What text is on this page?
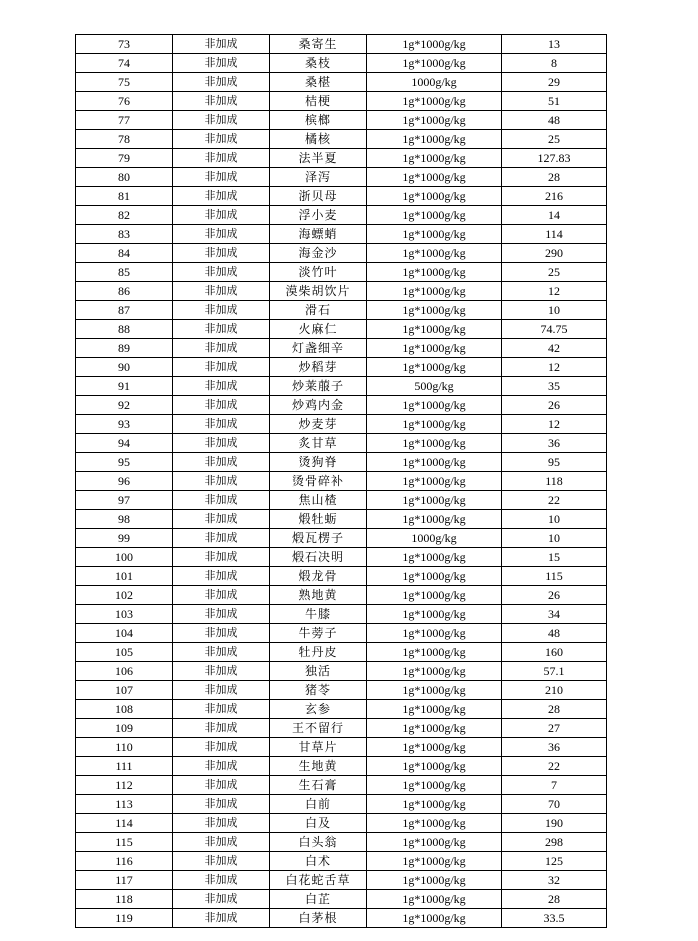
73	非加成	桑寄生	1g*1000g/kg	13
74	非加成	桑枝	1g*1000g/kg	8
75	非加成	桑椹	1000g/kg	29
76	非加成	桔梗	1g*1000g/kg	51
77	非加成	槟榔	1g*1000g/kg	48
78	非加成	橘核	1g*1000g/kg	25
79	非加成	法半夏	1g*1000g/kg	127.83
80	非加成	泽泻	1g*1000g/kg	28
81	非加成	浙贝母	1g*1000g/kg	216
82	非加成	浮小麦	1g*1000g/kg	14
83	非加成	海螵蛸	1g*1000g/kg	114
84	非加成	海金沙	1g*1000g/kg	290
85	非加成	淡竹叶	1g*1000g/kg	25
86	非加成	漠柴胡饮片	1g*1000g/kg	12
87	非加成	滑石	1g*1000g/kg	10
88	非加成	火麻仁	1g*1000g/kg	74.75
89	非加成	灯盏细辛	1g*1000g/kg	42
90	非加成	炒稻芽	1g*1000g/kg	12
91	非加成	炒莱菔子	500g/kg	35
92	非加成	炒鸡内金	1g*1000g/kg	26
93	非加成	炒麦芽	1g*1000g/kg	12
94	非加成	炙甘草	1g*1000g/kg	36
95	非加成	烫狗脊	1g*1000g/kg	95
96	非加成	烫骨碎补	1g*1000g/kg	118
97	非加成	焦山楂	1g*1000g/kg	22
98	非加成	煅牡蛎	1g*1000g/kg	10
99	非加成	煅瓦楞子	1000g/kg	10
100	非加成	煅石决明	1g*1000g/kg	15
101	非加成	煅龙骨	1g*1000g/kg	115
102	非加成	熟地黄	1g*1000g/kg	26
103	非加成	牛膝	1g*1000g/kg	34
104	非加成	牛蒡子	1g*1000g/kg	48
105	非加成	牡丹皮	1g*1000g/kg	160
106	非加成	独活	1g*1000g/kg	57.1
107	非加成	猪苓	1g*1000g/kg	210
108	非加成	玄参	1g*1000g/kg	28
109	非加成	王不留行	1g*1000g/kg	27
110	非加成	甘草片	1g*1000g/kg	36
111	非加成	生地黄	1g*1000g/kg	22
112	非加成	生石膏	1g*1000g/kg	7
113	非加成	白前	1g*1000g/kg	70
114	非加成	白及	1g*1000g/kg	190
115	非加成	白头翁	1g*1000g/kg	298
116	非加成	白术	1g*1000g/kg	125
117	非加成	白花蛇舌草	1g*1000g/kg	32
118	非加成	白芷	1g*1000g/kg	28
119	非加成	白茅根	1g*1000g/kg	33.5
